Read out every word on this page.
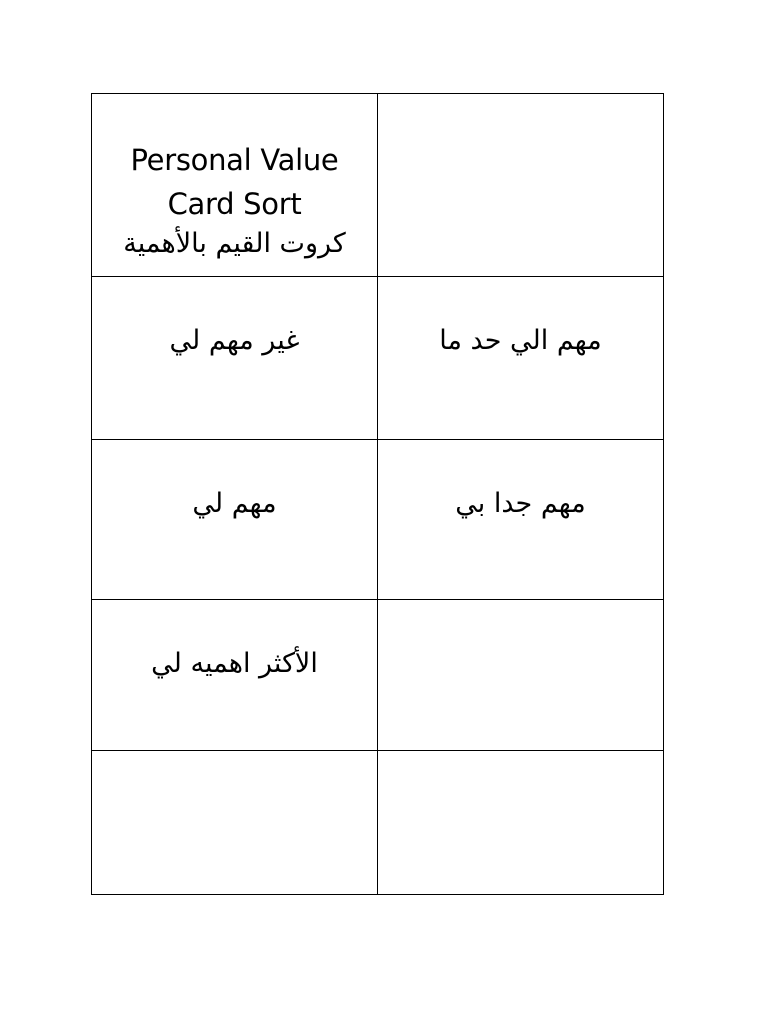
Personal Value
Card Sort
كروت القيم بالأهمية	

غير مهم لي	مهم الي حد ما
مهم لي	مهم جدا بي
الأكثر اهميه لي	
